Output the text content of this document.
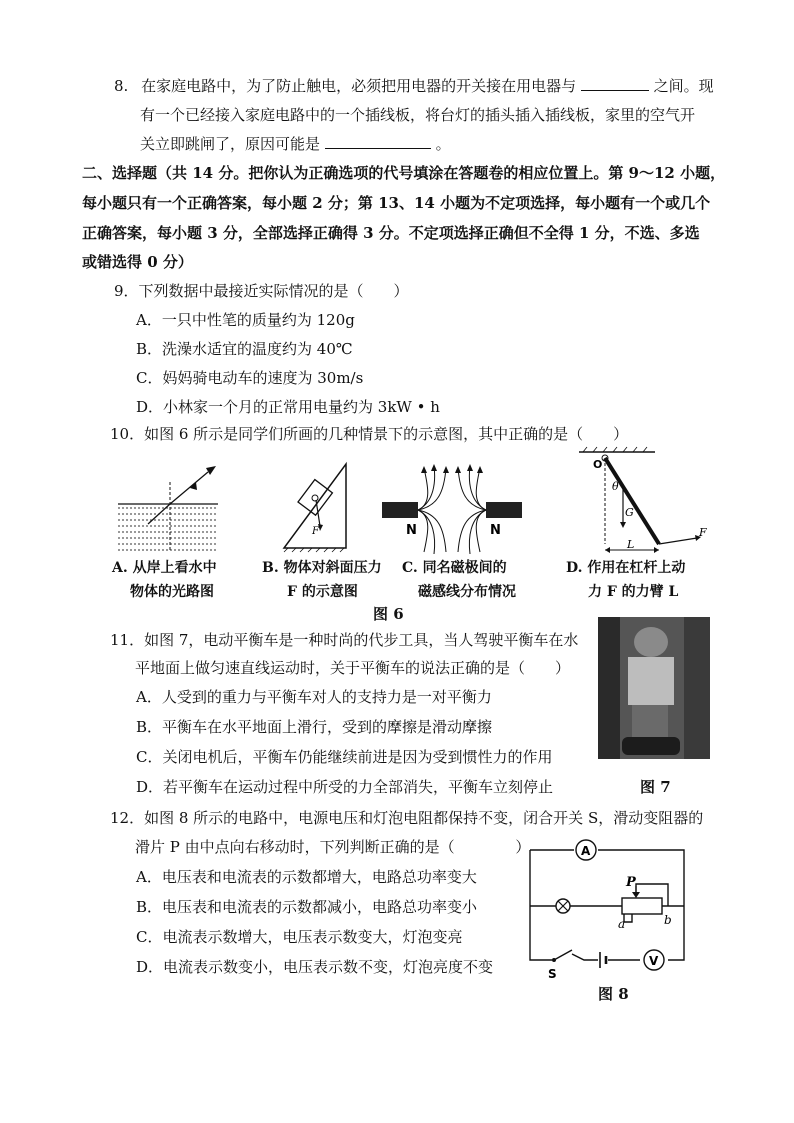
8. 在家庭电路中，为了防止触电，必须把用电器的开关接在用电器与	之间。现
有一个已经接入家庭电路中的一个插线板，将台灯的插头插入插线板，家里的空气开
关立即跳闸了，原因可能是	。
二、选择题（共 14 分。把你认为正确选项的代号填涂在答题卷的相应位置上。第 9～12 小题，
每小题只有一个正确答案，每小题 2 分；第 13、14 小题为不定项选择，每小题有一个或几个
正确答案，每小题 3 分，全部选择正确得 3 分。不定项选择正确但不全得 1 分，不选、多选
或错选得 0 分）
9．下列数据中最接近实际情况的是（　　）
A．一只中性笔的质量约为 120g
B．洗澡水适宜的温度约为 40℃
C．妈妈骑电动车的速度为 30m/s
D．小林家一个月的正常用电量约为 3kW • h
10．如图 6 所示是同学们所画的几种情景下的示意图，其中正确的是（　　）
A. 从岸上看水中
物体的光路图
F
B. 物体对斜面压力
F 的示意图
N	N
C. 同名磁极间的
磁感线分布情况
O
θ
G
L
F
D. 作用在杠杆上动
力 F 的力臂 L
图 6
11．如图 7，电动平衡车是一种时尚的代步工具，当人驾驶平衡车在水
平地面上做匀速直线运动时，关于平衡车的说法正确的是（　　）
A．人受到的重力与平衡车对人的支持力是一对平衡力
B．平衡车在水平地面上滑行，受到的摩擦是滑动摩擦
C．关闭电机后，平衡车仍能继续前进是因为受到惯性力的作用
D．若平衡车在运动过程中所受的力全部消失，平衡车立刻停止	图 7
12．如图 8 所示的电路中，电源电压和灯泡电阻都保持不变，闭合开关 S，滑动变阻器的
滑片 P 由中点向右移动时，下列判断正确的是（	）
A．电压表和电流表的示数都增大，电路总功率变大
B．电压表和电流表的示数都减小，电路总功率变小
C．电流表示数增大，电压表示数变大，灯泡变亮
D．电流表示数变小，电压表示数不变，灯泡亮度不变
A
V
P
a	b
S
图 8
